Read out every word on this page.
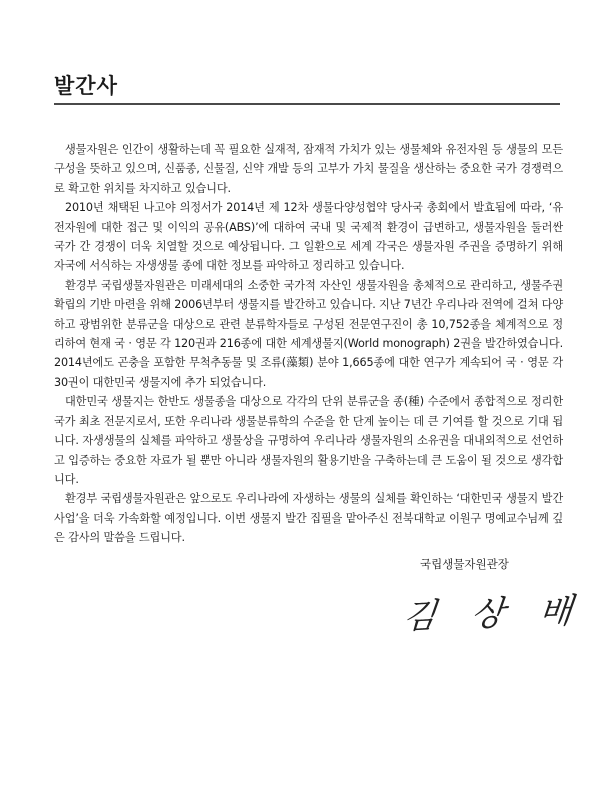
발간사

생물자원은 인간이 생활하는데 꼭 필요한 실재적, 잠재적 가치가 있는 생물체와 유전자원 등 생물의 모든 구성을 뜻하고 있으며, 신품종, 신물질, 신약 개발 등의 고부가 가치 물질을 생산하는 중요한 국가 경쟁력으로 확고한 위치를 차지하고 있습니다.

2010년 채택된 나고야 의정서가 2014년 제 12차 생물다양성협약 당사국 총회에서 발효됨에 따라, ‘유전자원에 대한 접근 및 이익의 공유(ABS)’에 대하여 국내 및 국제적 환경이 급변하고, 생물자원을 둘러싼 국가 간 경쟁이 더욱 치열할 것으로 예상됩니다. 그 일환으로 세계 각국은 생물자원 주권을 증명하기 위해 자국에 서식하는 자생생물 종에 대한 정보를 파악하고 정리하고 있습니다.

환경부 국립생물자원관은 미래세대의 소중한 국가적 자산인 생물자원을 총체적으로 관리하고, 생물주권 확립의 기반 마련을 위해 2006년부터 생물지를 발간하고 있습니다. 지난 7년간 우리나라 전역에 걸쳐 다양하고 광범위한 분류군을 대상으로 관련 분류학자들로 구성된 전문연구진이 총 10,752종을 체계적으로 정리하여 현재 국 · 영문 각 120권과 216종에 대한 세계생물지(World monograph) 2권을 발간하였습니다. 2014년에도 곤충을 포함한 무척추동물 및 조류(藻類) 분야 1,665종에 대한 연구가 계속되어 국 · 영문 각 30권이 대한민국 생물지에 추가 되었습니다.

대한민국 생물지는 한반도 생물종을 대상으로 각각의 단위 분류군을 종(種) 수준에서 종합적으로 정리한 국가 최초 전문지로서, 또한 우리나라 생물분류학의 수준을 한 단계 높이는 데 큰 기여를 할 것으로 기대 됩니다. 자생생물의 실체를 파악하고 생물상을 규명하여 우리나라 생물자원의 소유권을 대내외적으로 선언하고 입증하는 중요한 자료가 될 뿐만 아니라 생물자원의 활용기반을 구축하는데 큰 도움이 될 것으로 생각합니다.

환경부 국립생물자원관은 앞으로도 우리나라에 자생하는 생물의 실체를 확인하는 ‘대한민국 생물지 발간 사업’을 더욱 가속화할 예정입니다. 이번 생물지 발간 집필을 맡아주신 전북대학교 이원구 명예교수님께 깊은 감사의 말씀을 드립니다.

국립생물자원관장
김 상 배
